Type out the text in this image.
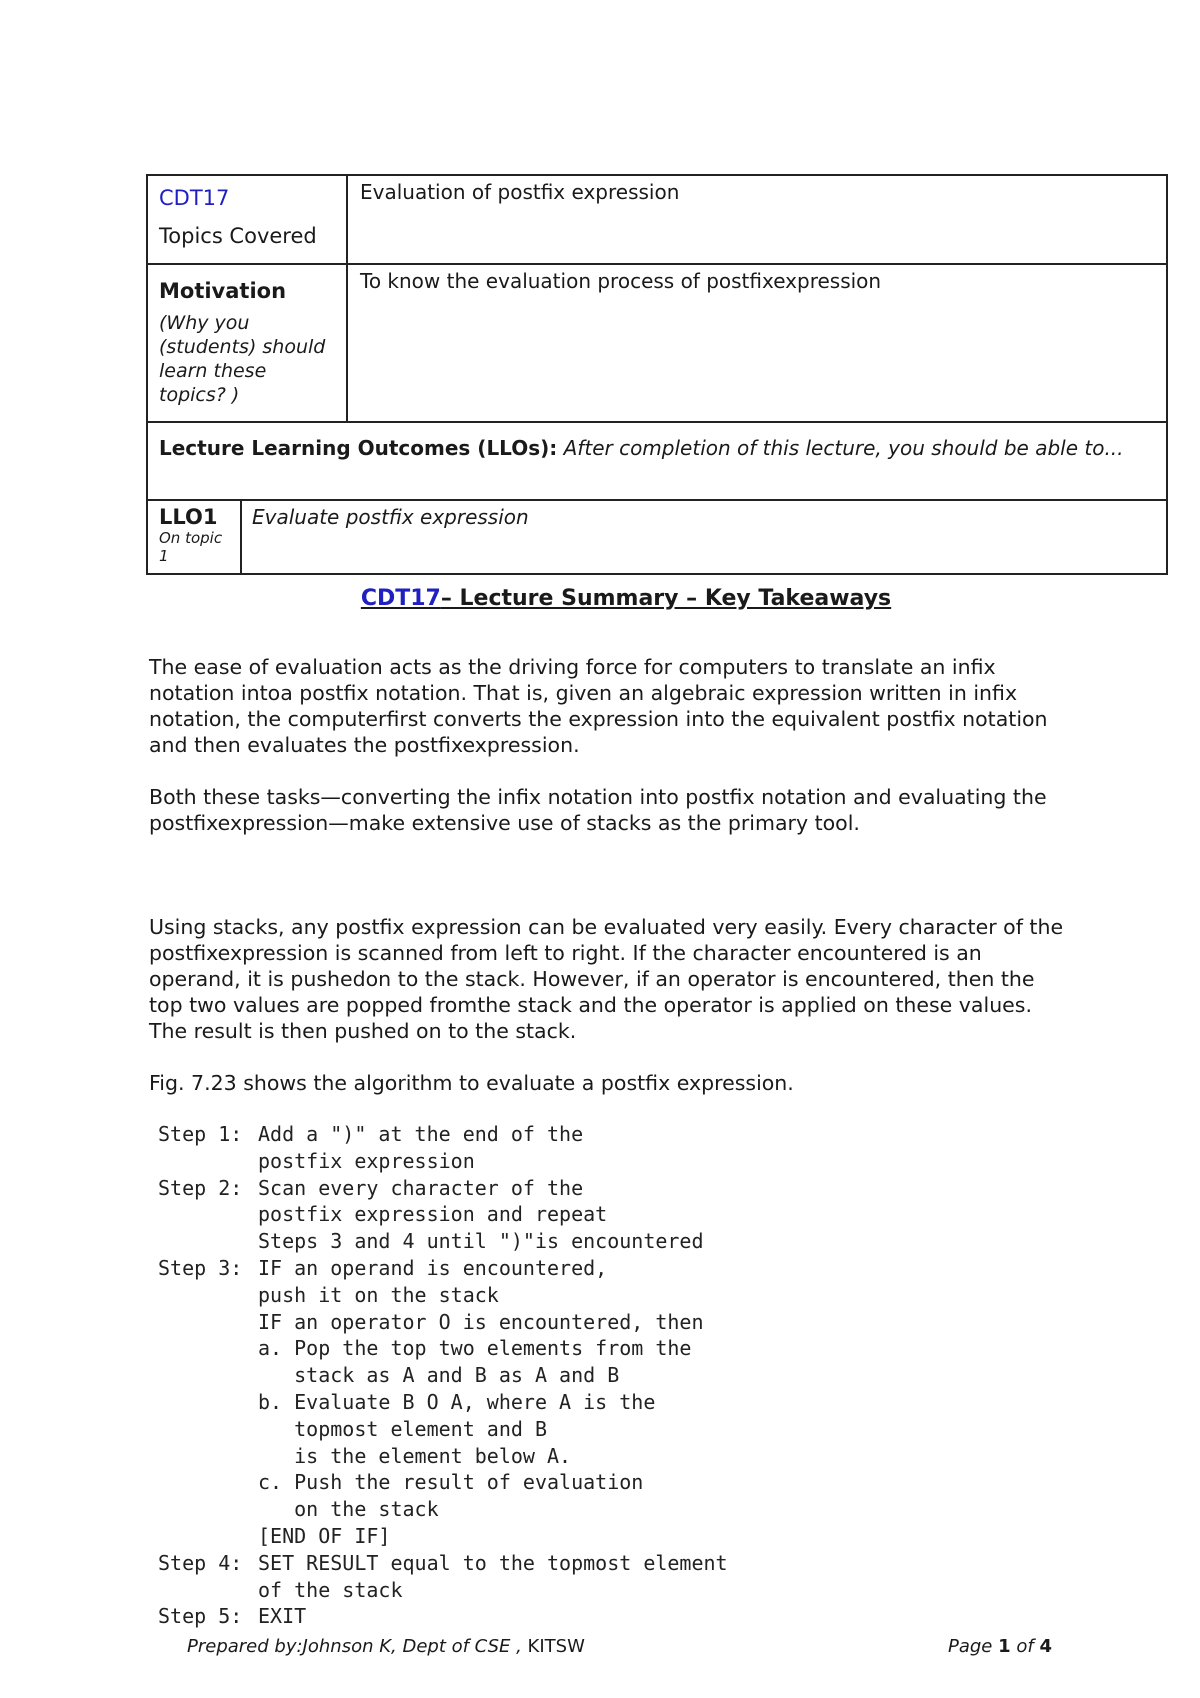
CDT17
Topics Covered		Evaluation of postfix expression

Motivation
(Why you (students) should learn these topics? )		To know the evaluation process of postfixexpression

Lecture Learning Outcomes (LLOs): After completion of this lecture, you should be able to...		

LLO1
On topic 1	Evaluate postfix expression	
CDT17– Lecture Summary – Key Takeaways

The ease of evaluation acts as the driving force for computers to translate an infix notation intoa postfix notation. That is, given an algebraic expression written in infix notation, the computerfirst converts the expression into the equivalent postfix notation and then evaluates the postfixexpression.

Both these tasks—converting the infix notation into postfix notation and evaluating the postfixexpression—make extensive use of stacks as the primary tool.

Using stacks, any postfix expression can be evaluated very easily. Every character of the postfixexpression is scanned from left to right. If the character encountered is an operand, it is pushedon to the stack. However, if an operator is encountered, then the top two values are popped fromthe stack and the operator is applied on these values. The result is then pushed on to the stack.

Fig. 7.23 shows the algorithm to evaluate a postfix expression.

Step 1: Add a ")" at the end of the
postfix expression
Step 2: Scan every character of the
postfix expression and repeat
Steps 3 and 4 until ")"is encountered
Step 3: IF an operand is encountered,
push it on the stack
IF an operator O is encountered, then
a. Pop the top two elements from the
stack as A and B as A and B
b. Evaluate B O A, where A is the
topmost element and B
is the element below A.
c. Push the result of evaluation
on the stack
[END OF IF]
Step 4: SET RESULT equal to the topmost element
of the stack
Step 5: EXIT
Prepared by:Johnson K, Dept of CSE , KITSW	Page 1 of 4
